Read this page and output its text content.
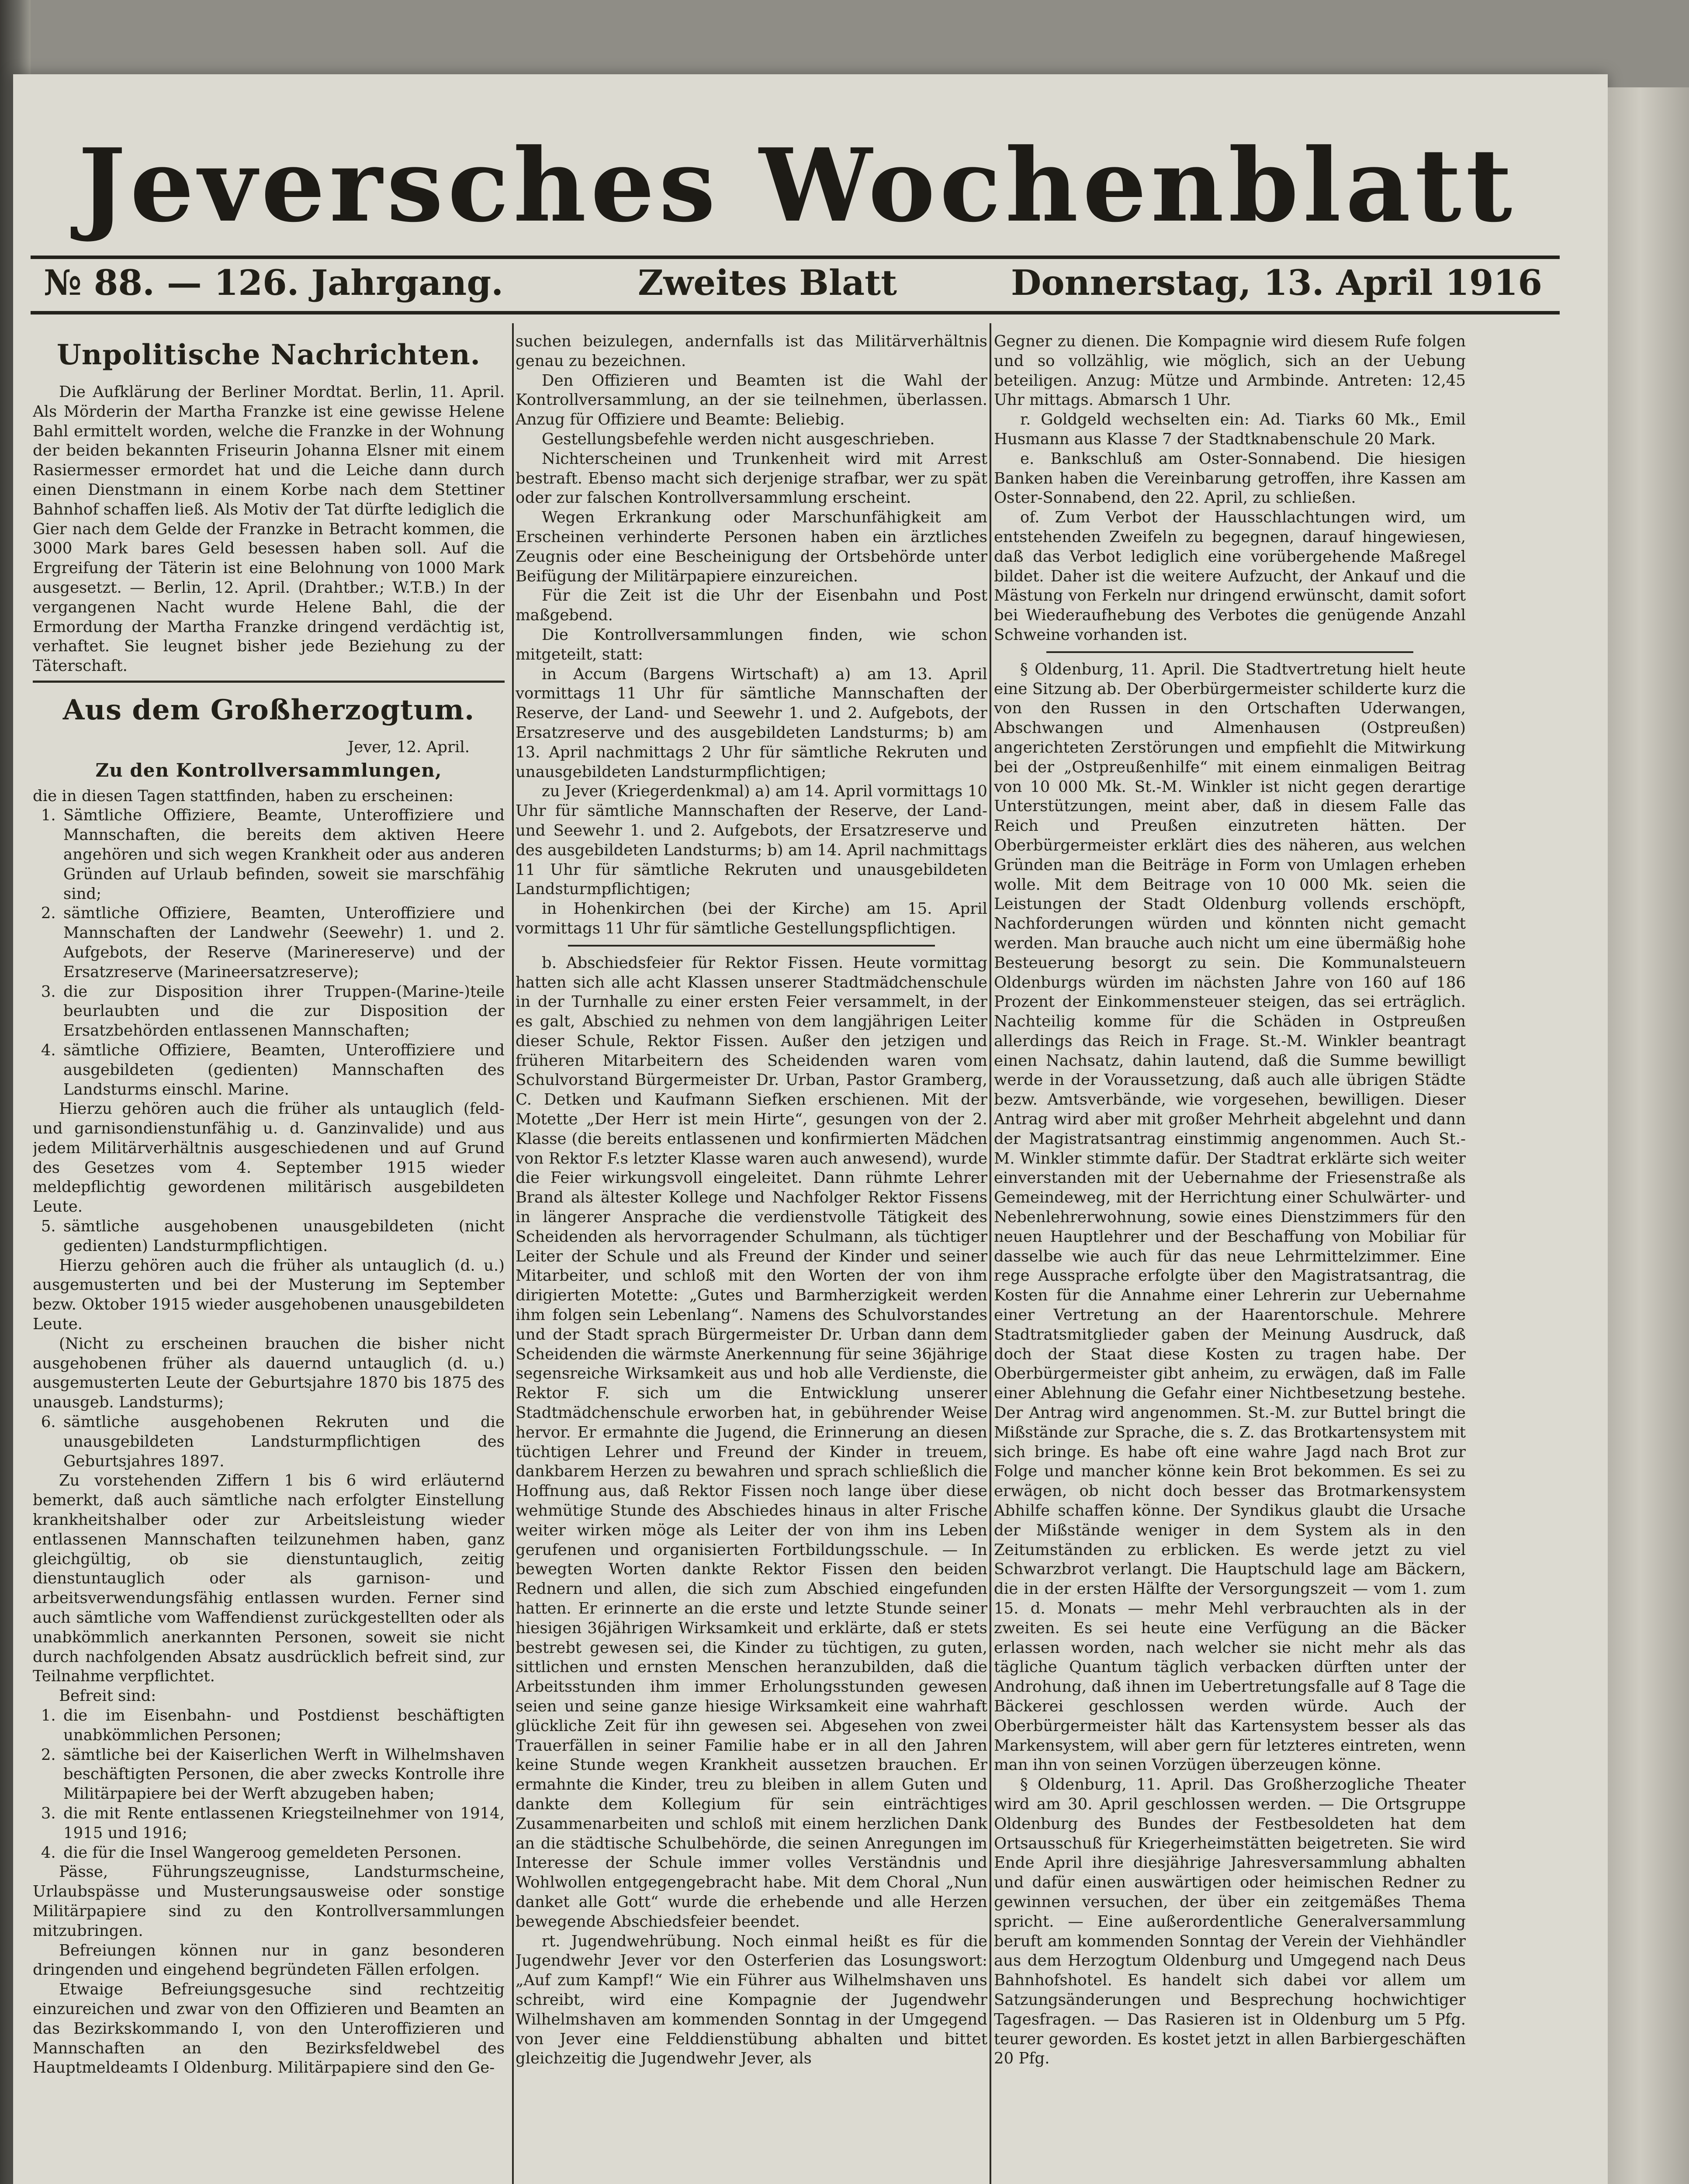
Jeversches Wochenblatt
№ 88. — 126. Jahrgang.	Zweites Blatt	Donnerstag, 13. April 1916
Unpolitische Nachrichten.

Die Aufklärung der Berliner Mordtat. Berlin, 11. April. Als Mörderin der Martha Franzke ist eine gewisse Helene Bahl ermittelt worden, welche die Franzke in der Wohnung der beiden bekannten Friseurin Johanna Elsner mit einem Rasiermesser ermordet hat und die Leiche dann durch einen Dienstmann in einem Korbe nach dem Stettiner Bahnhof schaffen ließ. Als Motiv der Tat dürfte lediglich die Gier nach dem Gelde der Franzke in Betracht kommen, die 3000 Mark bares Geld besessen haben soll. Auf die Ergreifung der Täterin ist eine Belohnung von 1000 Mark ausgesetzt. — Berlin, 12. April. (Drahtber.; W.T.B.) In der vergangenen Nacht wurde Helene Bahl, die der Ermordung der Martha Franzke dringend verdächtig ist, verhaftet. Sie leugnet bisher jede Beziehung zu der Täterschaft.

Aus dem Großherzogtum.

Jever, 12. April.

Zu den Kontrollversammlungen,

die in diesen Tagen stattfinden, haben zu erscheinen:

1. Sämtliche Offiziere, Beamte, Unteroffiziere und Mannschaften, die bereits dem aktiven Heere angehören und sich wegen Krankheit oder aus anderen Gründen auf Urlaub befinden, soweit sie marschfähig sind;
2. sämtliche Offiziere, Beamten, Unteroffiziere und Mannschaften der Landwehr (Seewehr) 1. und 2. Aufgebots, der Reserve (Marinereserve) und der Ersatzreserve (Marineersatzreserve);
3. die zur Disposition ihrer Truppen-(Marine-)teile beurlaubten und die zur Disposition der Ersatzbehörden entlassenen Mannschaften;
4. sämtliche Offiziere, Beamten, Unteroffiziere und ausgebildeten (gedienten) Mannschaften des Landsturms einschl. Marine.

Hierzu gehören auch die früher als untauglich (feld- und garnisondienstunfähig u. d. Ganzinvalide) und aus jedem Militärverhältnis ausgeschiedenen und auf Grund des Gesetzes vom 4. September 1915 wieder meldepflichtig gewordenen militärisch ausgebildeten Leute.

5. sämtliche ausgehobenen unausgebildeten (nicht gedienten) Landsturmpflichtigen.

Hierzu gehören auch die früher als untauglich (d. u.) ausgemusterten und bei der Musterung im September bezw. Oktober 1915 wieder ausgehobenen unausgebildeten Leute.

(Nicht zu erscheinen brauchen die bisher nicht ausgehobenen früher als dauernd untauglich (d. u.) ausgemusterten Leute der Geburtsjahre 1870 bis 1875 des unausgeb. Landsturms);

6. sämtliche ausgehobenen Rekruten und die unausgebildeten Landsturmpflichtigen des Geburtsjahres 1897.

Zu vorstehenden Ziffern 1 bis 6 wird erläuternd bemerkt, daß auch sämtliche nach erfolgter Einstellung krankheitshalber oder zur Arbeitsleistung wieder entlassenen Mannschaften teilzunehmen haben, ganz gleichgültig, ob sie dienstuntauglich, zeitig dienstuntauglich oder als garnison- und arbeitsverwendungsfähig entlassen wurden. Ferner sind auch sämtliche vom Waffendienst zurückgestellten oder als unabkömmlich anerkannten Personen, soweit sie nicht durch nachfolgenden Absatz ausdrücklich befreit sind, zur Teilnahme verpflichtet.

Befreit sind:

1. die im Eisenbahn- und Postdienst beschäftigten unabkömmlichen Personen;
2. sämtliche bei der Kaiserlichen Werft in Wilhelmshaven beschäftigten Personen, die aber zwecks Kontrolle ihre Militärpapiere bei der Werft abzugeben haben;
3. die mit Rente entlassenen Kriegsteilnehmer von 1914, 1915 und 1916;
4. die für die Insel Wangeroog gemeldeten Personen.

Pässe, Führungszeugnisse, Landsturmscheine, Urlaubspässe und Musterungsausweise oder sonstige Militärpapiere sind zu den Kontrollversammlungen mitzubringen.

Befreiungen können nur in ganz besonderen dringenden und eingehend begründeten Fällen erfolgen.

Etwaige Befreiungsgesuche sind rechtzeitig einzureichen und zwar von den Offizieren und Beamten an das Bezirkskommando I, von den Unteroffizieren und Mannschaften an den Bezirksfeldwebel des Hauptmeldeamts I Oldenburg. Militärpapiere sind den Ge-

suchen beizulegen, andernfalls ist das Militärverhältnis genau zu bezeichnen.

Den Offizieren und Beamten ist die Wahl der Kontrollversammlung, an der sie teilnehmen, überlassen. Anzug für Offiziere und Beamte: Beliebig.

Gestellungsbefehle werden nicht ausgeschrieben.

Nichterscheinen und Trunkenheit wird mit Arrest bestraft. Ebenso macht sich derjenige strafbar, wer zu spät oder zur falschen Kontrollversammlung erscheint.

Wegen Erkrankung oder Marschunfähigkeit am Erscheinen verhinderte Personen haben ein ärztliches Zeugnis oder eine Bescheinigung der Ortsbehörde unter Beifügung der Militärpapiere einzureichen.

Für die Zeit ist die Uhr der Eisenbahn und Post maßgebend.

Die Kontrollversammlungen finden, wie schon mitgeteilt, statt:

in Accum (Bargens Wirtschaft) a) am 13. April vormittags 11 Uhr für sämtliche Mannschaften der Reserve, der Land- und Seewehr 1. und 2. Aufgebots, der Ersatzreserve und des ausgebildeten Landsturms; b) am 13. April nachmittags 2 Uhr für sämtliche Rekruten und unausgebildeten Landsturmpflichtigen;

zu Jever (Kriegerdenkmal) a) am 14. April vormittags 10 Uhr für sämtliche Mannschaften der Reserve, der Land- und Seewehr 1. und 2. Aufgebots, der Ersatzreserve und des ausgebildeten Landsturms; b) am 14. April nachmittags 11 Uhr für sämtliche Rekruten und unausgebildeten Landsturmpflichtigen;

in Hohenkirchen (bei der Kirche) am 15. April vormittags 11 Uhr für sämtliche Gestellungspflichtigen.

b. Abschiedsfeier für Rektor Fissen. Heute vormittag hatten sich alle acht Klassen unserer Stadtmädchenschule in der Turnhalle zu einer ersten Feier versammelt, in der es galt, Abschied zu nehmen von dem langjährigen Leiter dieser Schule, Rektor Fissen. Außer den jetzigen und früheren Mitarbeitern des Scheidenden waren vom Schulvorstand Bürgermeister Dr. Urban, Pastor Gramberg, C. Detken und Kaufmann Siefken erschienen. Mit der Motette „Der Herr ist mein Hirte“, gesungen von der 2. Klasse (die bereits entlassenen und konfirmierten Mädchen von Rektor F.s letzter Klasse waren auch anwesend), wurde die Feier wirkungsvoll eingeleitet. Dann rühmte Lehrer Brand als ältester Kollege und Nachfolger Rektor Fissens in längerer Ansprache die verdienstvolle Tätigkeit des Scheidenden als hervorragender Schulmann, als tüchtiger Leiter der Schule und als Freund der Kinder und seiner Mitarbeiter, und schloß mit den Worten der von ihm dirigierten Motette: „Gutes und Barmherzigkeit werden ihm folgen sein Lebenlang“. Namens des Schulvorstandes und der Stadt sprach Bürgermeister Dr. Urban dann dem Scheidenden die wärmste Anerkennung für seine 36jährige segensreiche Wirksamkeit aus und hob alle Verdienste, die Rektor F. sich um die Entwicklung unserer Stadtmädchenschule erworben hat, in gebührender Weise hervor. Er ermahnte die Jugend, die Erinnerung an diesen tüchtigen Lehrer und Freund der Kinder in treuem, dankbarem Herzen zu bewahren und sprach schließlich die Hoffnung aus, daß Rektor Fissen noch lange über diese wehmütige Stunde des Abschiedes hinaus in alter Frische weiter wirken möge als Leiter der von ihm ins Leben gerufenen und organisierten Fortbildungsschule. — In bewegten Worten dankte Rektor Fissen den beiden Rednern und allen, die sich zum Abschied eingefunden hatten. Er erinnerte an die erste und letzte Stunde seiner hiesigen 36jährigen Wirksamkeit und erklärte, daß er stets bestrebt gewesen sei, die Kinder zu tüchtigen, zu guten, sittlichen und ernsten Menschen heranzubilden, daß die Arbeitsstunden ihm immer Erholungsstunden gewesen seien und seine ganze hiesige Wirksamkeit eine wahrhaft glückliche Zeit für ihn gewesen sei. Abgesehen von zwei Trauerfällen in seiner Familie habe er in all den Jahren keine Stunde wegen Krankheit aussetzen brauchen. Er ermahnte die Kinder, treu zu bleiben in allem Guten und dankte dem Kollegium für sein einträchtiges Zusammenarbeiten und schloß mit einem herzlichen Dank an die städtische Schulbehörde, die seinen Anregungen im Interesse der Schule immer volles Verständnis und Wohlwollen entgegengebracht habe. Mit dem Choral „Nun danket alle Gott“ wurde die erhebende und alle Herzen bewegende Abschiedsfeier beendet.

rt. Jugendwehrübung. Noch einmal heißt es für die Jugendwehr Jever vor den Osterferien das Losungswort: „Auf zum Kampf!“ Wie ein Führer aus Wilhelmshaven uns schreibt, wird eine Kompagnie der Jugendwehr Wilhelmshaven am kommenden Sonntag in der Umgegend von Jever eine Felddienstübung abhalten und bittet gleichzeitig die Jugendwehr Jever, als

Gegner zu dienen. Die Kompagnie wird diesem Rufe folgen und so vollzählig, wie möglich, sich an der Uebung beteiligen. Anzug: Mütze und Armbinde. Antreten: 12,45 Uhr mittags. Abmarsch 1 Uhr.

r. Goldgeld wechselten ein: Ad. Tiarks 60 Mk., Emil Husmann aus Klasse 7 der Stadtknabenschule 20 Mark.

e. Bankschluß am Oster-Sonnabend. Die hiesigen Banken haben die Vereinbarung getroffen, ihre Kassen am Oster-Sonnabend, den 22. April, zu schließen.

of. Zum Verbot der Hausschlachtungen wird, um entstehenden Zweifeln zu begegnen, darauf hingewiesen, daß das Verbot lediglich eine vorübergehende Maßregel bildet. Daher ist die weitere Aufzucht, der Ankauf und die Mästung von Ferkeln nur dringend erwünscht, damit sofort bei Wiederaufhebung des Verbotes die genügende Anzahl Schweine vorhanden ist.

§ Oldenburg, 11. April. Die Stadtvertretung hielt heute eine Sitzung ab. Der Oberbürgermeister schilderte kurz die von den Russen in den Ortschaften Uderwangen, Abschwangen und Almenhausen (Ostpreußen) angerichteten Zerstörungen und empfiehlt die Mitwirkung bei der „Ostpreußenhilfe“ mit einem einmaligen Beitrag von 10 000 Mk. St.-M. Winkler ist nicht gegen derartige Unterstützungen, meint aber, daß in diesem Falle das Reich und Preußen einzutreten hätten. Der Oberbürgermeister erklärt dies des näheren, aus welchen Gründen man die Beiträge in Form von Umlagen erheben wolle. Mit dem Beitrage von 10 000 Mk. seien die Leistungen der Stadt Oldenburg vollends erschöpft, Nachforderungen würden und könnten nicht gemacht werden. Man brauche auch nicht um eine übermäßig hohe Besteuerung besorgt zu sein. Die Kommunalsteuern Oldenburgs würden im nächsten Jahre von 160 auf 186 Prozent der Einkommensteuer steigen, das sei erträglich. Nachteilig komme für die Schäden in Ostpreußen allerdings das Reich in Frage. St.-M. Winkler beantragt einen Nachsatz, dahin lautend, daß die Summe bewilligt werde in der Voraussetzung, daß auch alle übrigen Städte bezw. Amtsverbände, wie vorgesehen, bewilligen. Dieser Antrag wird aber mit großer Mehrheit abgelehnt und dann der Magistratsantrag einstimmig angenommen. Auch St.-M. Winkler stimmte dafür. Der Stadtrat erklärte sich weiter einverstanden mit der Uebernahme der Friesenstraße als Gemeindeweg, mit der Herrichtung einer Schulwärter- und Nebenlehrerwohnung, sowie eines Dienstzimmers für den neuen Hauptlehrer und der Beschaffung von Mobiliar für dasselbe wie auch für das neue Lehrmittelzimmer. Eine rege Aussprache erfolgte über den Magistratsantrag, die Kosten für die Annahme einer Lehrerin zur Uebernahme einer Vertretung an der Haarentorschule. Mehrere Stadtratsmitglieder gaben der Meinung Ausdruck, daß doch der Staat diese Kosten zu tragen habe. Der Oberbürgermeister gibt anheim, zu erwägen, daß im Falle einer Ablehnung die Gefahr einer Nichtbesetzung bestehe. Der Antrag wird angenommen. St.-M. zur Buttel bringt die Mißstände zur Sprache, die s. Z. das Brotkartensystem mit sich bringe. Es habe oft eine wahre Jagd nach Brot zur Folge und mancher könne kein Brot bekommen. Es sei zu erwägen, ob nicht doch besser das Brotmarkensystem Abhilfe schaffen könne. Der Syndikus glaubt die Ursache der Mißstände weniger in dem System als in den Zeitumständen zu erblicken. Es werde jetzt zu viel Schwarzbrot verlangt. Die Hauptschuld lage am Bäckern, die in der ersten Hälfte der Versorgungszeit — vom 1. zum 15. d. Monats — mehr Mehl verbrauchten als in der zweiten. Es sei heute eine Verfügung an die Bäcker erlassen worden, nach welcher sie nicht mehr als das tägliche Quantum täglich verbacken dürften unter der Androhung, daß ihnen im Uebertretungsfalle auf 8 Tage die Bäckerei geschlossen werden würde. Auch der Oberbürgermeister hält das Kartensystem besser als das Markensystem, will aber gern für letzteres eintreten, wenn man ihn von seinen Vorzügen überzeugen könne.

§ Oldenburg, 11. April. Das Großherzogliche Theater wird am 30. April geschlossen werden. — Die Ortsgruppe Oldenburg des Bundes der Festbesoldeten hat dem Ortsausschuß für Kriegerheimstätten beigetreten. Sie wird Ende April ihre diesjährige Jahresversammlung abhalten und dafür einen auswärtigen oder heimischen Redner zu gewinnen versuchen, der über ein zeitgemäßes Thema spricht. — Eine außerordentliche Generalversammlung beruft am kommenden Sonntag der Verein der Viehhändler aus dem Herzogtum Oldenburg und Umgegend nach Deus Bahnhofshotel. Es handelt sich dabei vor allem um Satzungsänderungen und Besprechung hochwichtiger Tagesfragen. — Das Rasieren ist in Oldenburg um 5 Pfg. teurer geworden. Es kostet jetzt in allen Barbiergeschäften 20 Pfg.
